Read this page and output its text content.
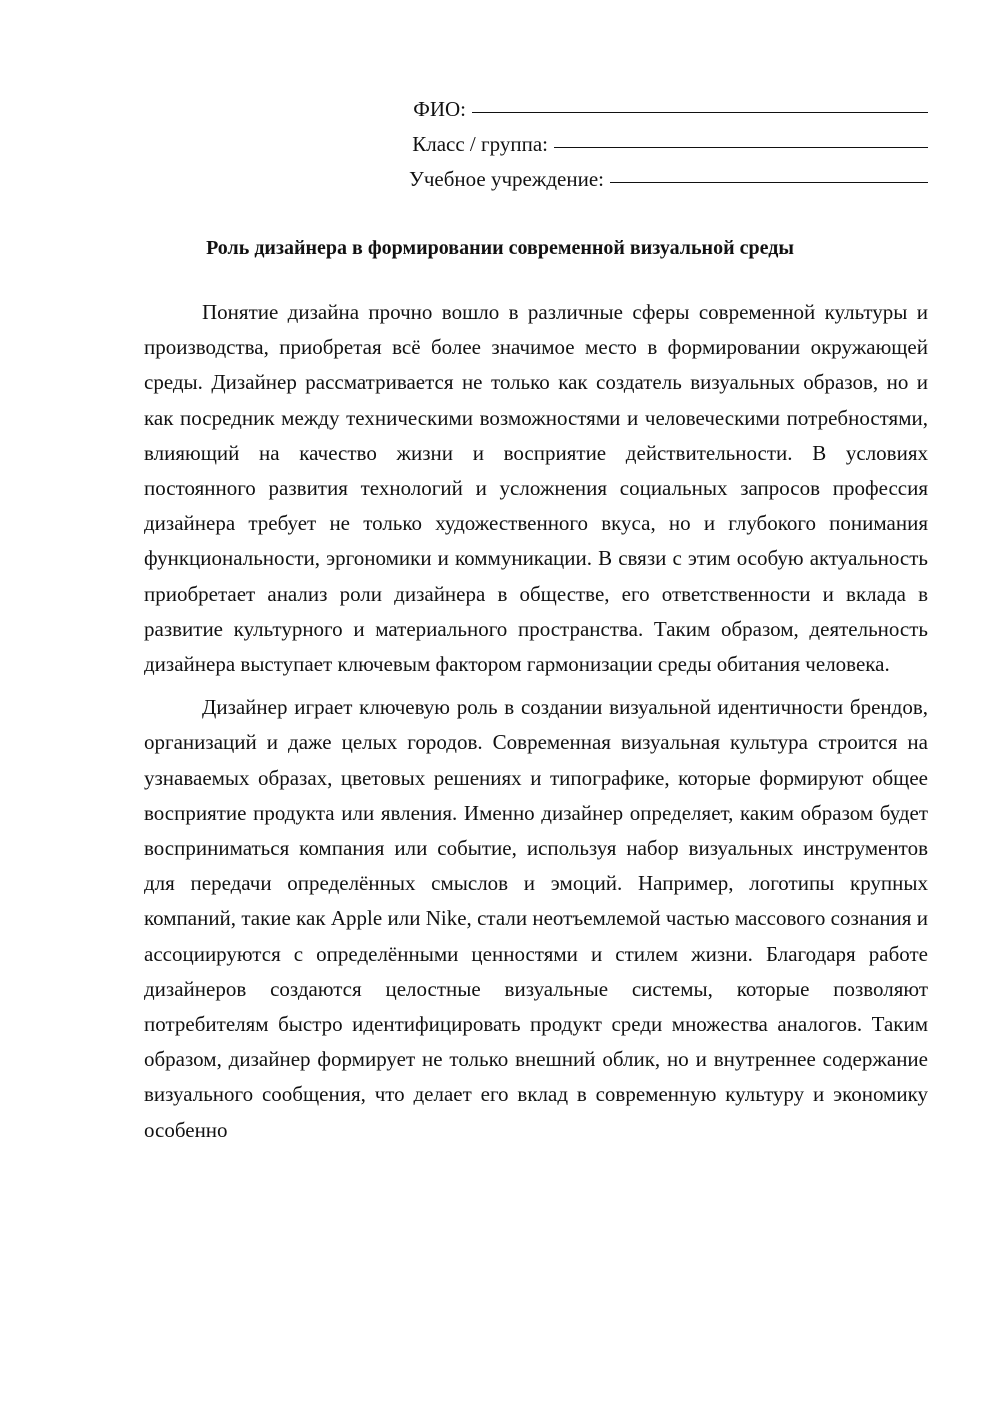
ФИО:
Класс / группа:
Учебное учреждение:
Роль дизайнера в формировании современной визуальной среды

Понятие дизайна прочно вошло в различные сферы современной культуры и производства, приобретая всё более значимое место в формировании окружающей среды. Дизайнер рассматривается не только как создатель визуальных образов, но и как посредник между техническими возможностями и человеческими потребностями, влияющий на качество жизни и восприятие действительности. В условиях постоянного развития технологий и усложнения социальных запросов профессия дизайнера требует не только художественного вкуса, но и глубокого понимания функциональности, эргономики и коммуникации. В связи с этим особую актуальность приобретает анализ роли дизайнера в обществе, его ответственности и вклада в развитие культурного и материального пространства. Таким образом, деятельность дизайнера выступает ключевым фактором гармонизации среды обитания человека.

Дизайнер играет ключевую роль в создании визуальной идентичности брендов, организаций и даже целых городов. Современная визуальная культура строится на узнаваемых образах, цветовых решениях и типографике, которые формируют общее восприятие продукта или явления. Именно дизайнер определяет, каким образом будет восприниматься компания или событие, используя набор визуальных инструментов для передачи определённых смыслов и эмоций. Например, логотипы крупных компаний, такие как Apple или Nike, стали неотъемлемой частью массового сознания и ассоциируются с определёнными ценностями и стилем жизни. Благодаря работе дизайнеров создаются целостные визуальные системы, которые позволяют потребителям быстро идентифицировать продукт среди множества аналогов. Таким образом, дизайнер формирует не только внешний облик, но и внутреннее содержание визуального сообщения, что делает его вклад в современную культуру и экономику особенно
